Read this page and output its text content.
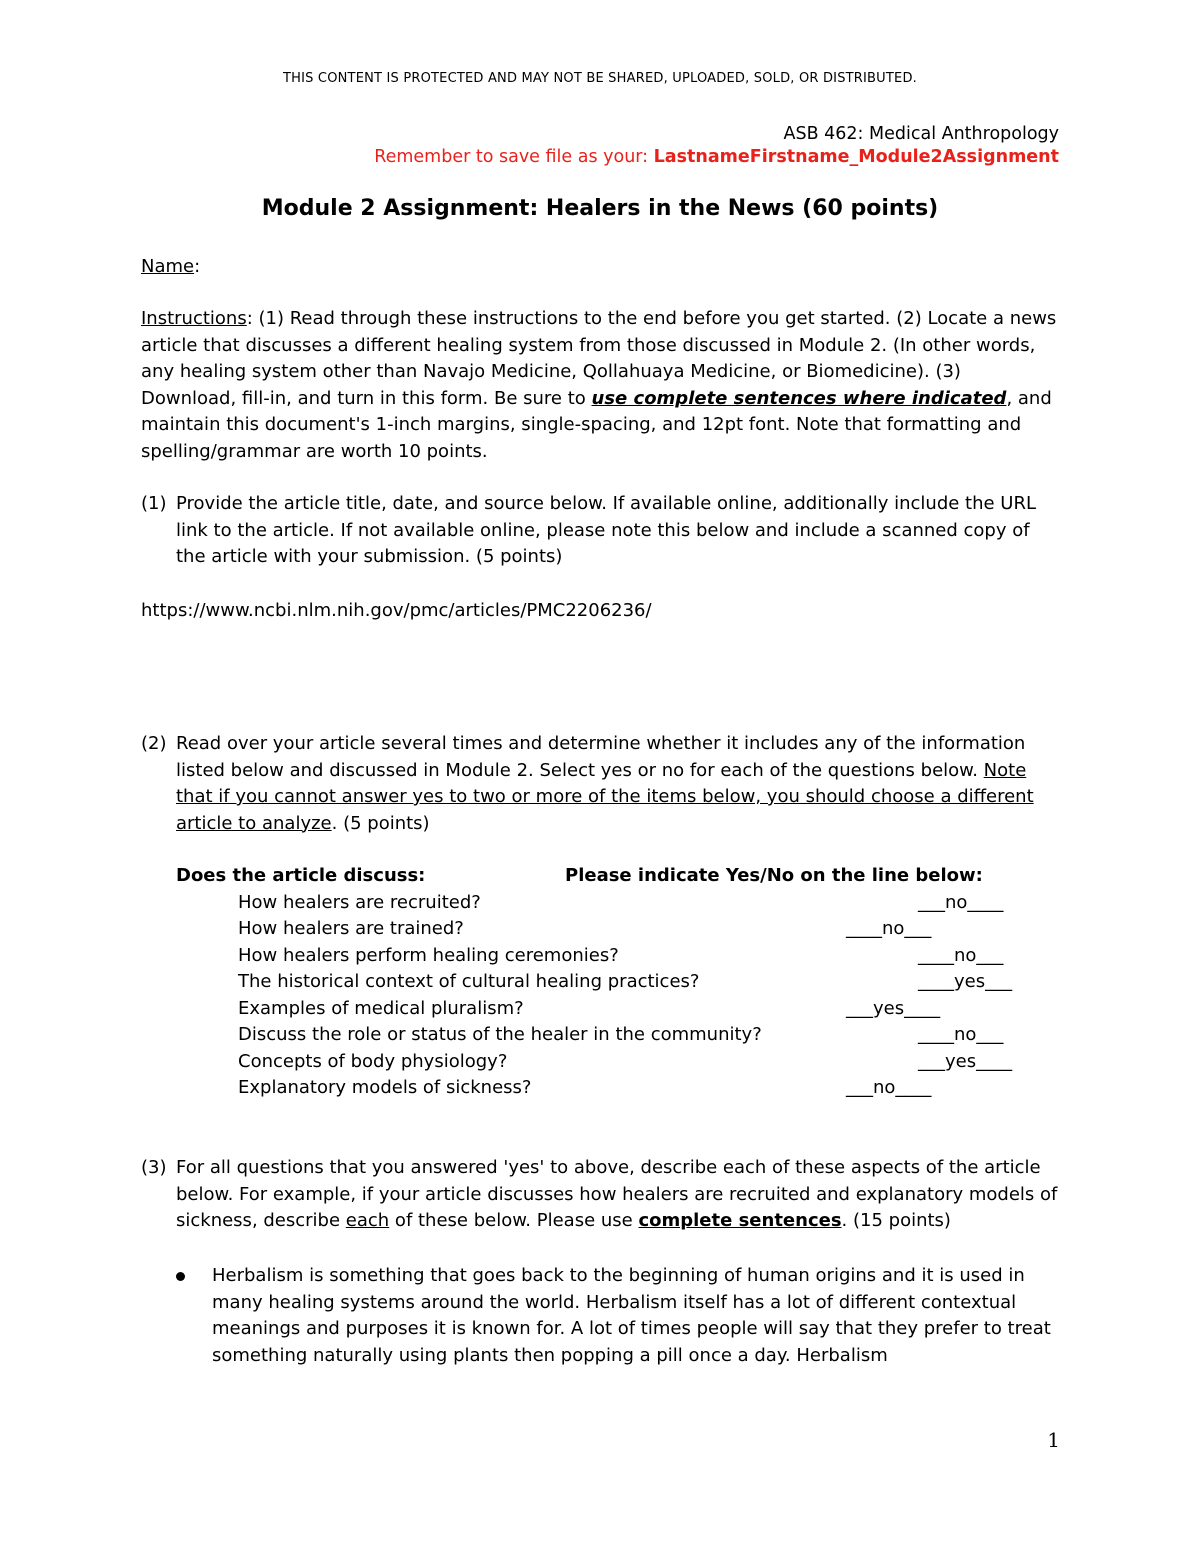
THIS CONTENT IS PROTECTED AND MAY NOT BE SHARED, UPLOADED, SOLD, OR DISTRIBUTED.
ASB 462: Medical Anthropology
Remember to save file as your: LastnameFirstname_Module2Assignment
Module 2 Assignment: Healers in the News (60 points)
Name:
Instructions: (1) Read through these instructions to the end before you get started. (2) Locate a news article that discusses a different healing system from those discussed in Module 2. (In other words, any healing system other than Navajo Medicine, Qollahuaya Medicine, or Biomedicine). (3) Download, fill-in, and turn in this form. Be sure to use complete sentences where indicated, and maintain this document's 1-inch margins, single-spacing, and 12pt font. Note that formatting and spelling/grammar are worth 10 points.
(1) Provide the article title, date, and source below. If available online, additionally include the URL link to the article. If not available online, please note this below and include a scanned copy of the article with your submission. (5 points)
https://www.ncbi.nlm.nih.gov/pmc/articles/PMC2206236/
(2) Read over your article several times and determine whether it includes any of the information listed below and discussed in Module 2. Select yes or no for each of the questions below. Note that if you cannot answer yes to two or more of the items below, you should choose a different article to analyze. (5 points)
Does the article discuss:	Please indicate Yes/No on the line below:
How healers are recruited?	___no____
How healers are trained?	____no___
How healers perform healing ceremonies?	____no___
The historical context of cultural healing practices?	____yes___
Examples of medical pluralism?	___yes____
Discuss the role or status of the healer in the community?	____no___
Concepts of body physiology?	___yes____
Explanatory models of sickness?	___no____
(3) For all questions that you answered 'yes' to above, describe each of these aspects of the article below. For example, if your article discusses how healers are recruited and explanatory models of sickness, describe each of these below. Please use complete sentences. (15 points)
Herbalism is something that goes back to the beginning of human origins and it is used in many healing systems around the world. Herbalism itself has a lot of different contextual meanings and purposes it is known for. A lot of times people will say that they prefer to treat something naturally using plants then popping a pill once a day. Herbalism
1
